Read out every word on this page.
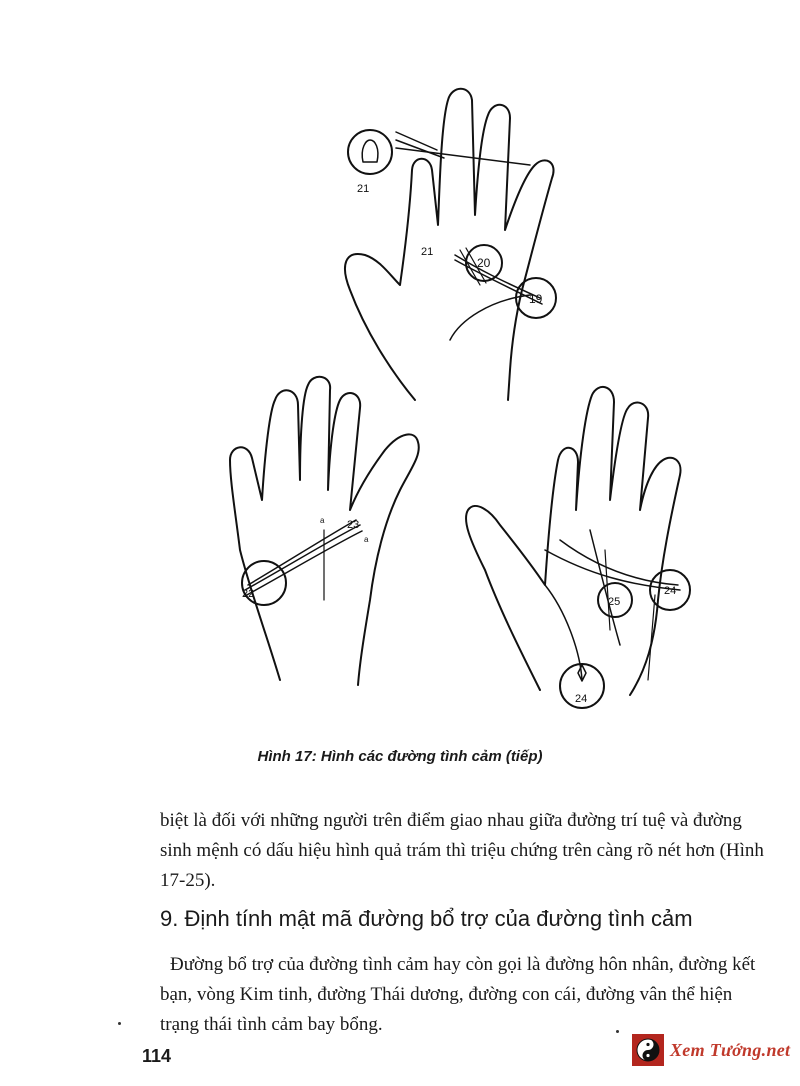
21
21
20
19
22
23
a
a
24
25
24
Hình 17: Hình các đường tình cảm (tiếp)
biệt là đối với những người trên điểm giao nhau giữa đường trí tuệ và đường sinh mệnh có dấu hiệu hình quả trám thì triệu chứng trên càng rõ nét hơn (Hình 17-25).
9. Định tính mật mã đường bổ trợ của đường tình cảm
Đường bổ trợ của đường tình cảm hay còn gọi là đường hôn nhân, đường kết bạn, vòng Kim tinh, đường Thái dương, đường con cái, đường vân thể hiện trạng thái tình cảm bay bổng.
114	Xem Tướng.net
